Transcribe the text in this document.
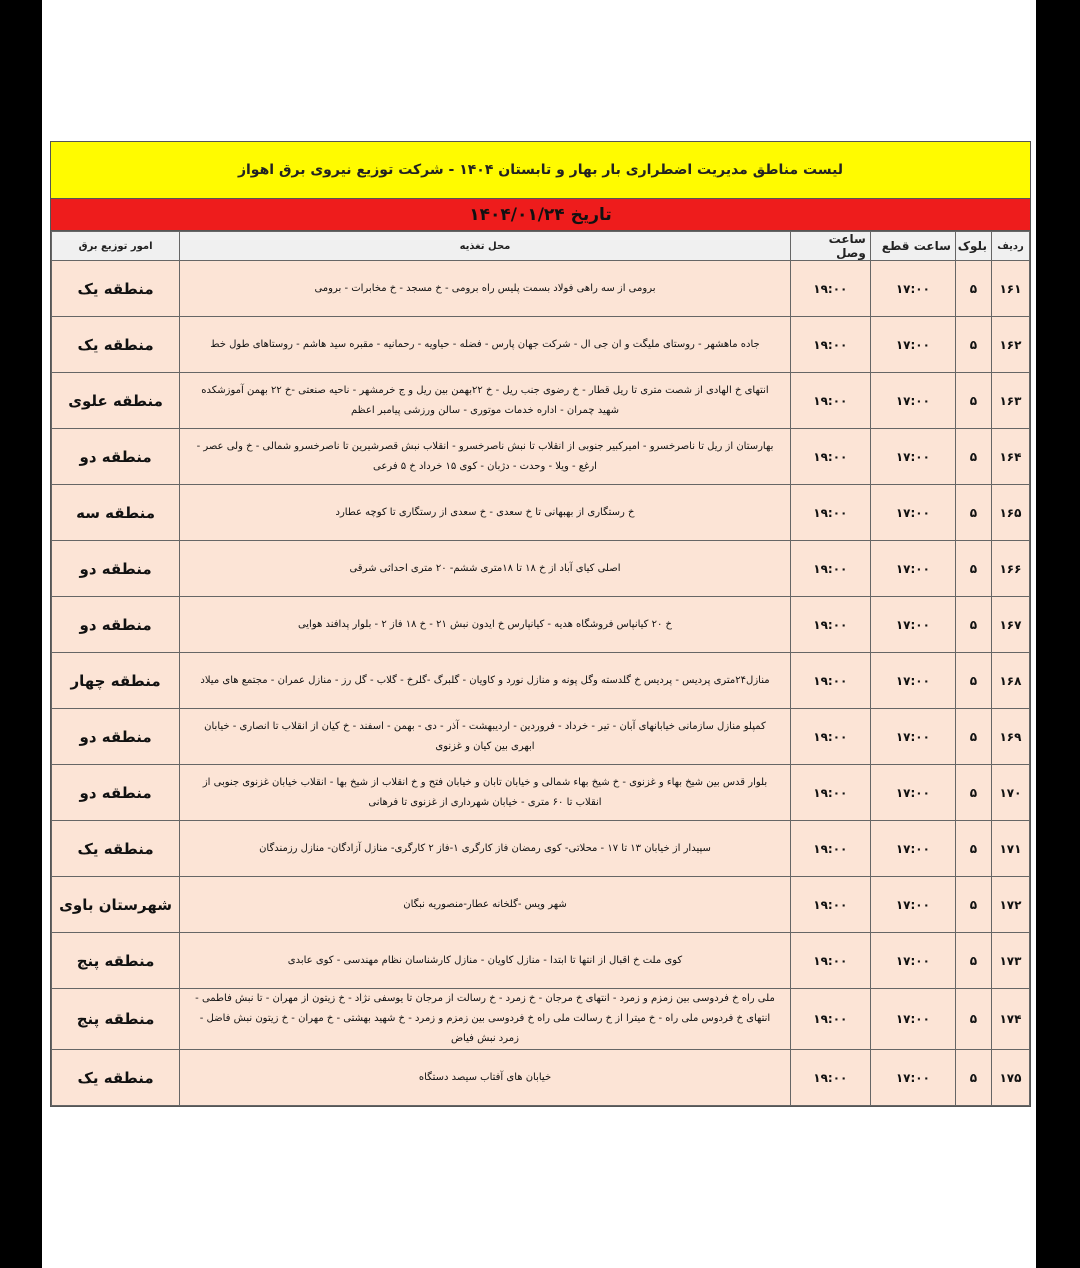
لیست مناطق مدیریت اضطراری بار بهار و تابستان ۱۴۰۴ - شرکت توزیع نیروی برق اهواز
تاریخ ۱۴۰۴/۰۱/۲۴
ردیف	بلوک	ساعت قطع	ساعت وصل	محل تغذیه	امور توزیع برق
۱۶۱	۵	۱۷:۰۰	۱۹:۰۰	برومی از سه راهی فولاد بسمت پلیس راه برومی - خ مسجد - خ مخابرات - برومی	منطقه یک
۱۶۲	۵	۱۷:۰۰	۱۹:۰۰	جاده ماهشهر - روستای ملیگت و ان جی ال - شرکت جهان پارس - فضله - حیاویه - رحمانیه - مقبره سید هاشم - روستاهای طول خط	منطقه یک
۱۶۳	۵	۱۷:۰۰	۱۹:۰۰	انتهای خ الهادی از شصت متری تا ریل قطار - خ رضوی جنب ریل - خ ۲۲بهمن بین ریل و ج خرمشهر - ناحیه صنعتی -خ ۲۲ بهمن آموزشکده شهید چمران - اداره خدمات موتوری - سالن ورزشی پیامبر اعظم	منطقه علوی
۱۶۴	۵	۱۷:۰۰	۱۹:۰۰	بهارستان از ریل تا ناصرخسرو - امیرکبیر جنوبی از انقلاب تا نبش ناصرخسرو - انقلاب نبش قصرشیرین تا ناصرخسرو شمالی - خ ولی عصر - ارغع - ویلا - وحدت - دژبان - کوی ۱۵ خرداد خ ۵ فرعی	منطقه دو
۱۶۵	۵	۱۷:۰۰	۱۹:۰۰	خ رستگاری از بهبهانی تا خ سعدی - خ سعدی از رستگاری تا کوچه عطارد	منطقه سه
۱۶۶	۵	۱۷:۰۰	۱۹:۰۰	اصلی کیای آباد از خ ۱۸ تا ۱۸متری ششم- ۲۰ متری احداثی شرقی	منطقه دو
۱۶۷	۵	۱۷:۰۰	۱۹:۰۰	خ ۲۰ کیانپاس فروشگاه هدیه - کیانپارس خ ایدون نبش ۲۱ - خ ۱۸ فاز ۲ - بلوار پدافند هوایی	منطقه دو
۱۶۸	۵	۱۷:۰۰	۱۹:۰۰	منازل۲۴متری پردیس - پردیس خ گلدسته وگل پونه و منازل نورد و کاویان - گلبرگ -گلرخ - گلاب - گل رز - منازل عمران - مجتمع های میلاد	منطقه چهار
۱۶۹	۵	۱۷:۰۰	۱۹:۰۰	کمپلو منازل سازمانی خیابانهای آبان - تیر - خرداد - فروردین - اردیبهشت - آذر - دی - بهمن - اسفند - خ کیان از انقلاب تا انصاری - خیابان ابهری بین کیان و غزنوی	منطقه دو
۱۷۰	۵	۱۷:۰۰	۱۹:۰۰	بلوار قدس بین شیخ بهاء و غزنوی - خ شیخ بهاء شمالی و خیابان تابان و خیابان فتح و خ انقلاب از شیخ بها - انقلاب خیابان غزنوی جنوبی از انقلاب تا ۶۰ متری - خیابان شهرداری از غزنوی تا فرهانی	منطقه دو
۱۷۱	۵	۱۷:۰۰	۱۹:۰۰	سپیدار از خیابان ۱۳ تا ۱۷ - محلاتی- کوی رمضان فاز کارگری ۱-فاز ۲ کارگری- منازل آزادگان- منازل رزمندگان	منطقه یک
۱۷۲	۵	۱۷:۰۰	۱۹:۰۰	شهر ویس -گلخانه عطار-منصوریه نبگان	شهرستان باوی
۱۷۳	۵	۱۷:۰۰	۱۹:۰۰	کوی ملت خ اقبال از انتها تا ابتدا - منازل کاویان - منازل کارشناسان نظام مهندسی - کوی عابدی	منطقه پنج
۱۷۴	۵	۱۷:۰۰	۱۹:۰۰	ملی راه خ فردوسی بین زمزم و زمرد - انتهای خ مرجان - خ زمرد - خ رسالت از مرجان تا یوسفی نژاد - خ زیتون از مهران - تا نبش فاطمی - انتهای خ فردوس ملی راه - خ میترا از خ رسالت ملی راه خ فردوسی بین زمزم و زمرد - خ شهید بهشتی - خ مهران - خ زیتون نبش فاضل - زمرد نبش فیاض	منطقه پنج
۱۷۵	۵	۱۷:۰۰	۱۹:۰۰	خیابان های آفتاب سیصد دستگاه	منطقه یک
